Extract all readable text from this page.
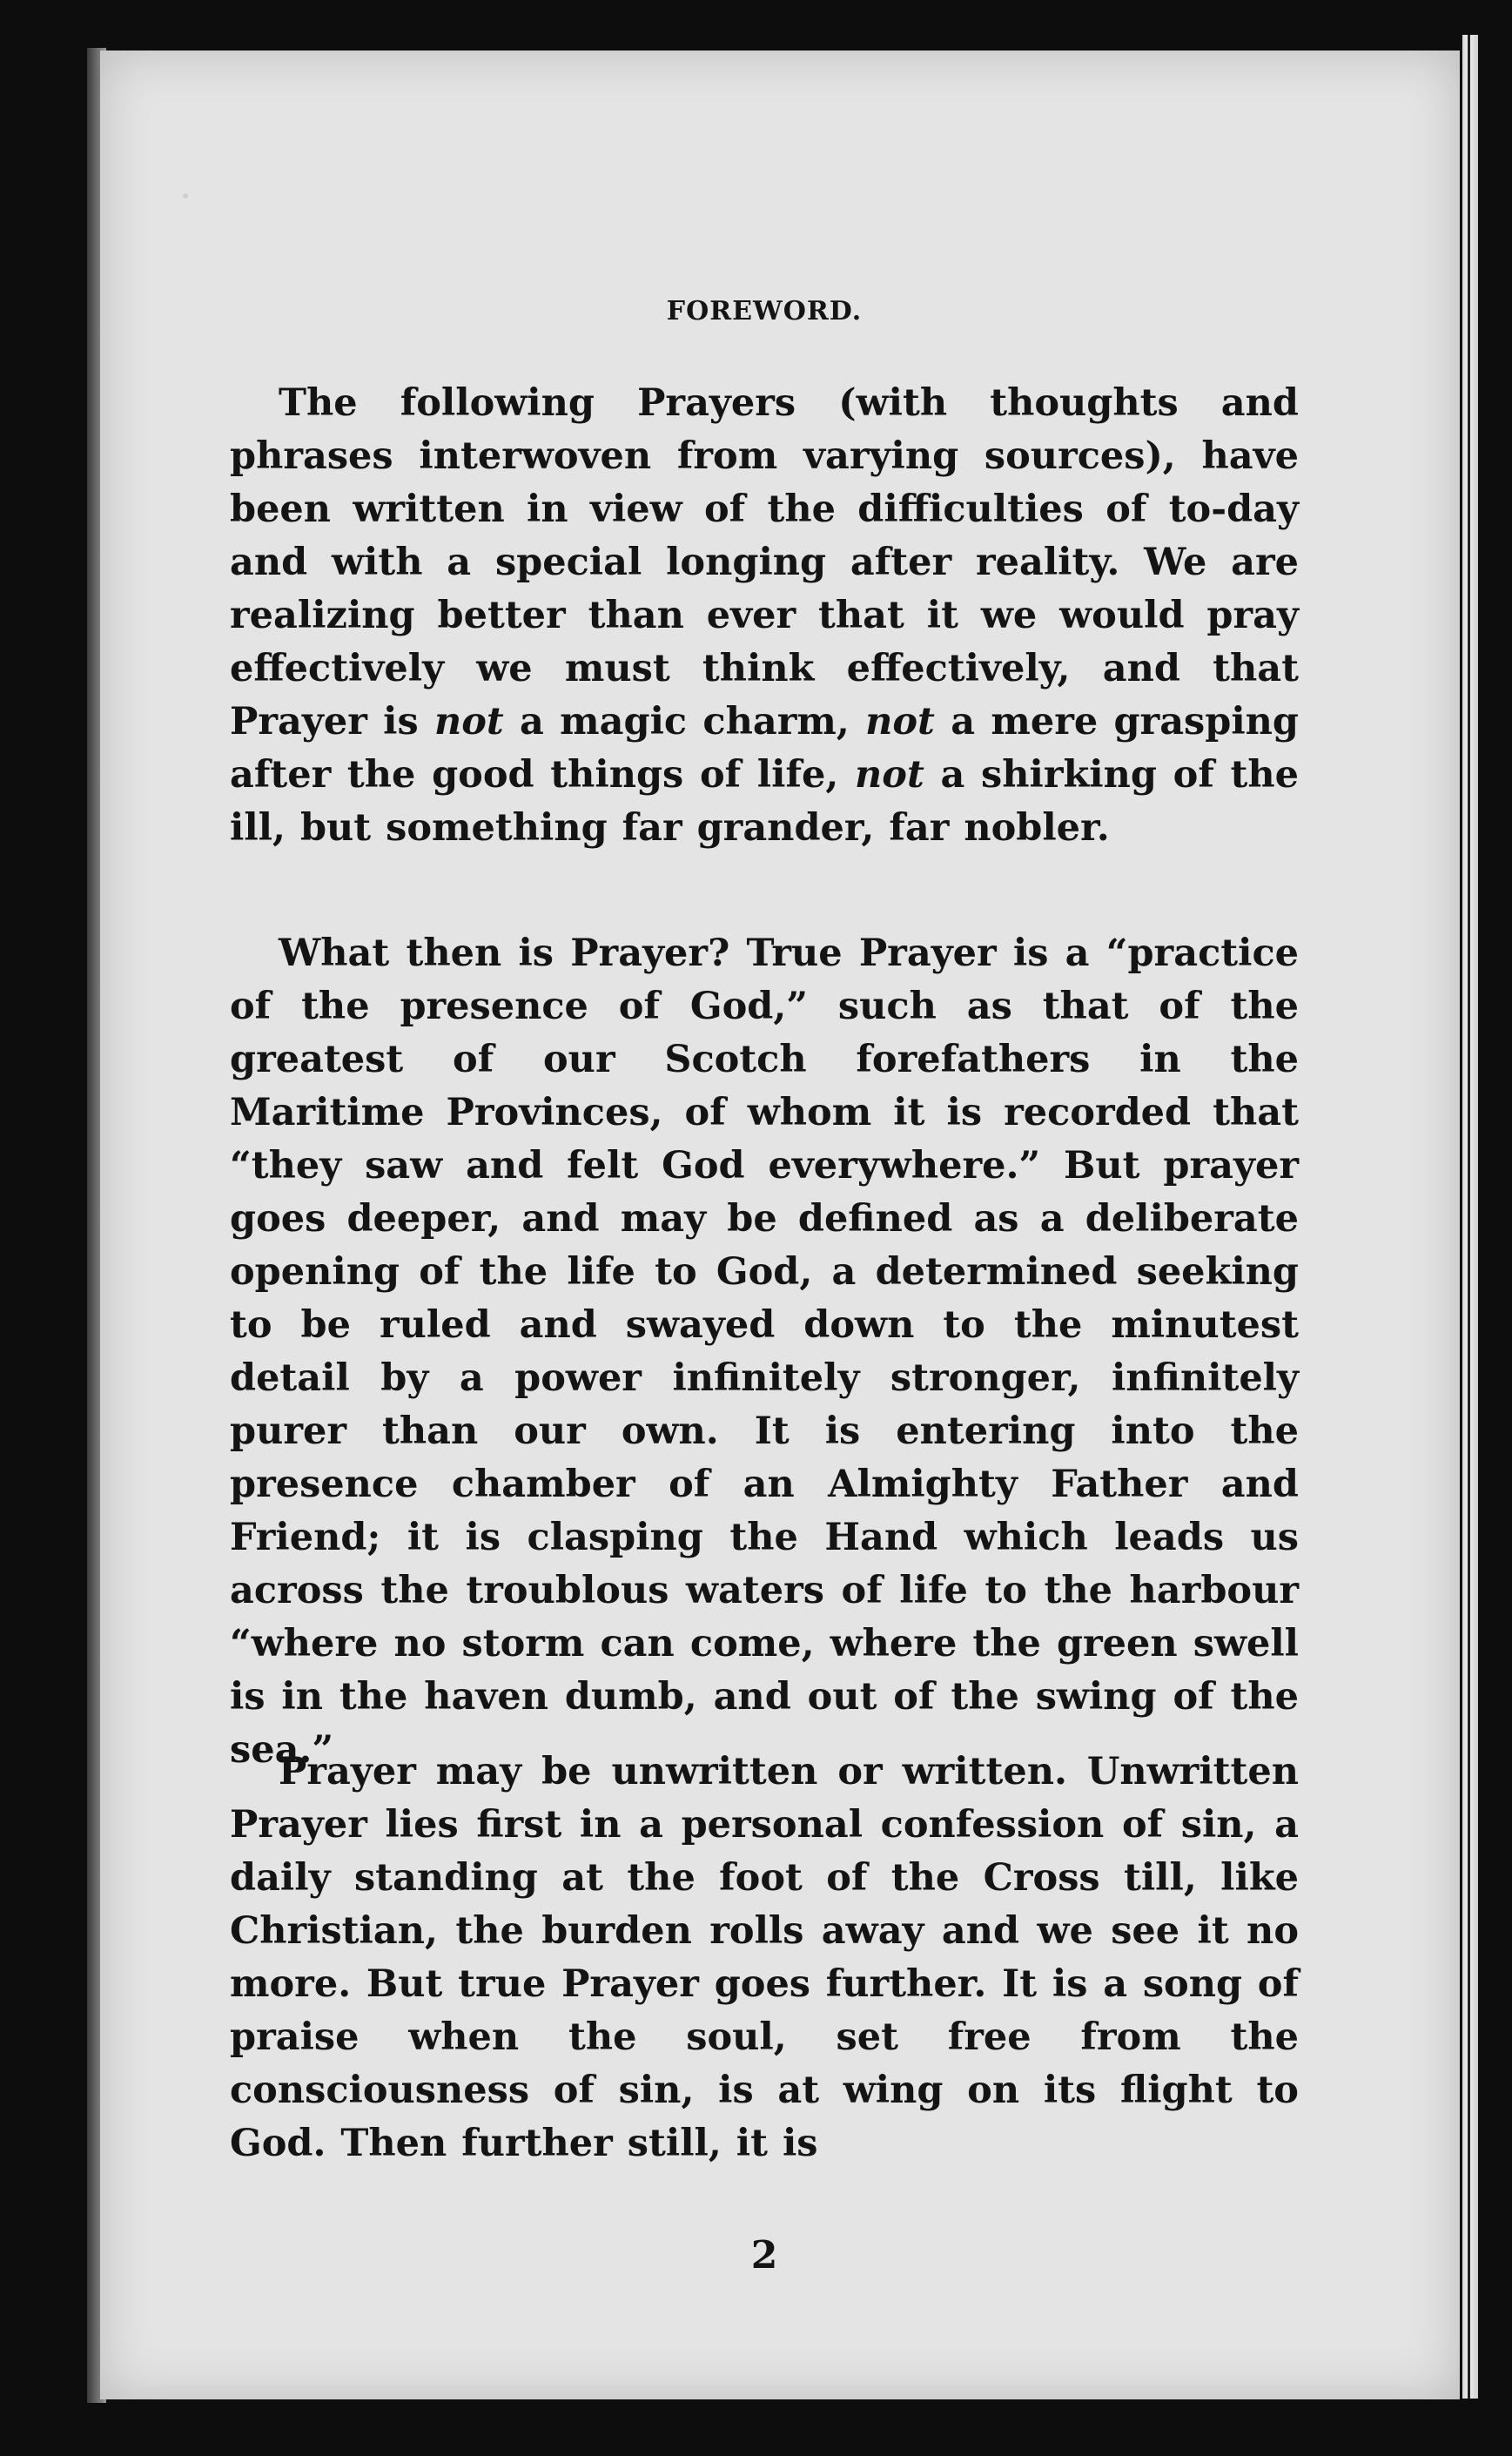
FOREWORD.

The following Prayers (with thoughts and phrases interwoven from varying sources), have been written in view of the difficulties of to-day and with a special longing after reality. We are realizing better than ever that it we would pray effectively we must think effectively, and that Prayer is not a magic charm, not a mere grasping after the good things of life, not a shirking of the ill, but something far grander, far nobler.

What then is Prayer? True Prayer is a “practice of the presence of God,” such as that of the greatest of our Scotch forefathers in the Maritime Provinces, of whom it is recorded that “they saw and felt God everywhere.” But prayer goes deeper, and may be defined as a deliberate opening of the life to God, a determined seeking to be ruled and swayed down to the minutest detail by a power infinitely stronger, infinitely purer than our own. It is entering into the presence chamber of an Almighty Father and Friend; it is clasping the Hand which leads us across the troublous waters of life to the harbour “where no storm can come, where the green swell is in the haven dumb, and out of the swing of the sea.”

Prayer may be unwritten or written. Unwritten Prayer lies first in a personal confession of sin, a daily standing at the foot of the Cross till, like Christian, the burden rolls away and we see it no more. But true Prayer goes further. It is a song of praise when the soul, set free from the consciousness of sin, is at wing on its flight to God. Then further still, it is

2
